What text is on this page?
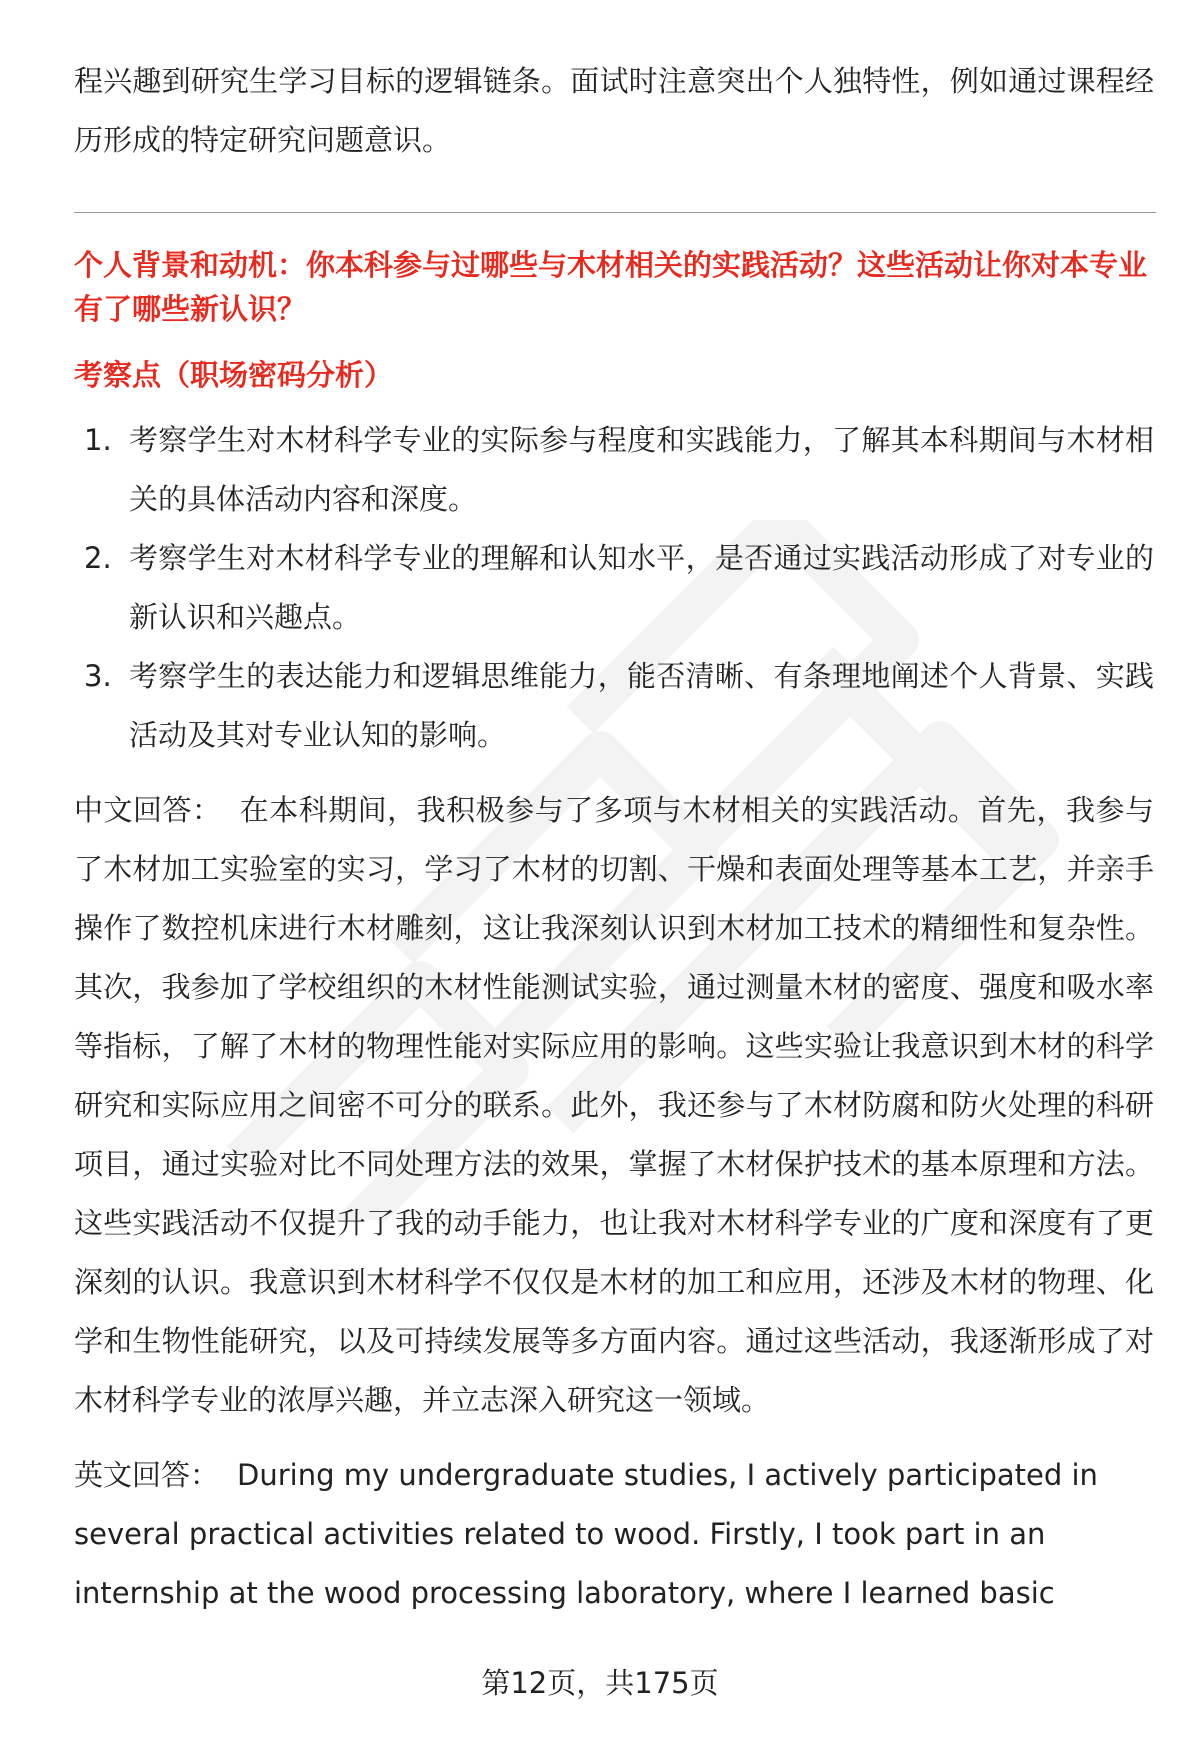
程兴趣到研究生学习目标的逻辑链条。面试时注意突出个人独特性，例如通过课程经历形成的特定研究问题意识。

个人背景和动机：你本科参与过哪些与木材相关的实践活动？这些活动让你对本专业有了哪些新认识？

考察点（职场密码分析）

1. 考察学生对木材科学专业的实际参与程度和实践能力，了解其本科期间与木材相关的具体活动内容和深度。
2. 考察学生对木材科学专业的理解和认知水平，是否通过实践活动形成了对专业的新认识和兴趣点。
3. 考察学生的表达能力和逻辑思维能力，能否清晰、有条理地阐述个人背景、实践活动及其对专业认知的影响。

中文回答： 在本科期间，我积极参与了多项与木材相关的实践活动。首先，我参与了木材加工实验室的实习，学习了木材的切割、干燥和表面处理等基本工艺，并亲手操作了数控机床进行木材雕刻，这让我深刻认识到木材加工技术的精细性和复杂性。其次，我参加了学校组织的木材性能测试实验，通过测量木材的密度、强度和吸水率等指标，了解了木材的物理性能对实际应用的影响。这些实验让我意识到木材的科学研究和实际应用之间密不可分的联系。此外，我还参与了木材防腐和防火处理的科研项目，通过实验对比不同处理方法的效果，掌握了木材保护技术的基本原理和方法。这些实践活动不仅提升了我的动手能力，也让我对木材科学专业的广度和深度有了更深刻的认识。我意识到木材科学不仅仅是木材的加工和应用，还涉及木材的物理、化学和生物性能研究，以及可持续发展等多方面内容。通过这些活动，我逐渐形成了对木材科学专业的浓厚兴趣，并立志深入研究这一领域。

英文回答： During my undergraduate studies, I actively participated in several practical activities related to wood. Firstly, I took part in an internship at the wood processing laboratory, where I learned basic

第12页，共175页
